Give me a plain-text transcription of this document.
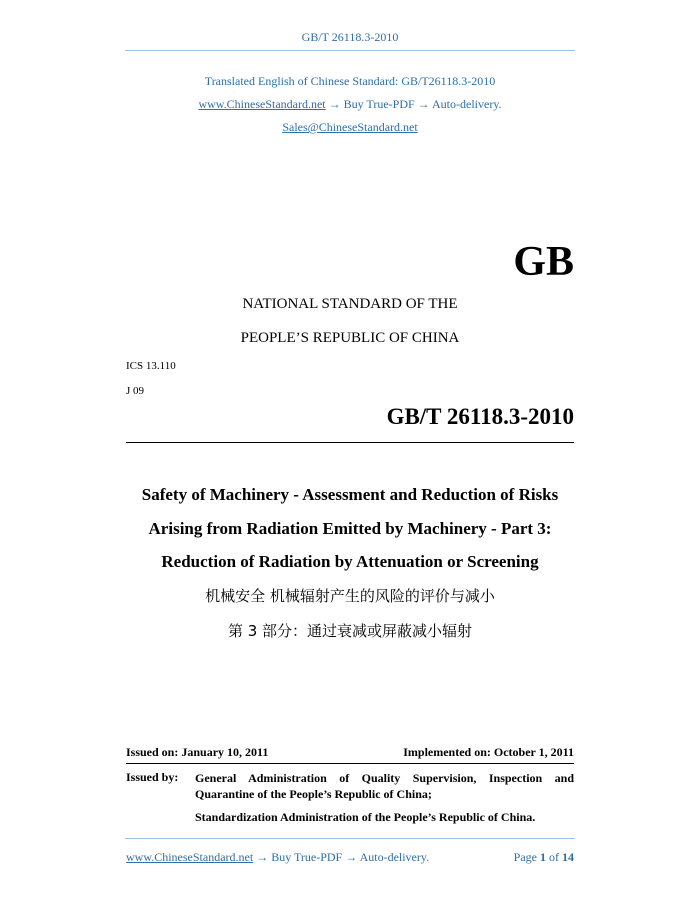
GB/T 26118.3-2010
Translated English of Chinese Standard: GB/T26118.3-2010
www.ChineseStandard.net → Buy True-PDF → Auto-delivery.
Sales@ChineseStandard.net
GB
NATIONAL STANDARD OF THE
PEOPLE’S REPUBLIC OF CHINA
ICS 13.110
J 09
GB/T 26118.3-2010
Safety of Machinery - Assessment and Reduction of Risks
Arising from Radiation Emitted by Machinery - Part 3:
Reduction of Radiation by Attenuation or Screening
机械安全 机械辐射产生的风险的评价与减小
第 3 部分：通过衰减或屏蔽减小辐射
Issued on: January 10, 2011	Implemented on: October 1, 2011
Issued by: General Administration of Quality Supervision, Inspection and Quarantine of the People’s Republic of China;
Standardization Administration of the People’s Republic of China.
www.ChineseStandard.net → Buy True-PDF → Auto-delivery.	Page 1 of 14
